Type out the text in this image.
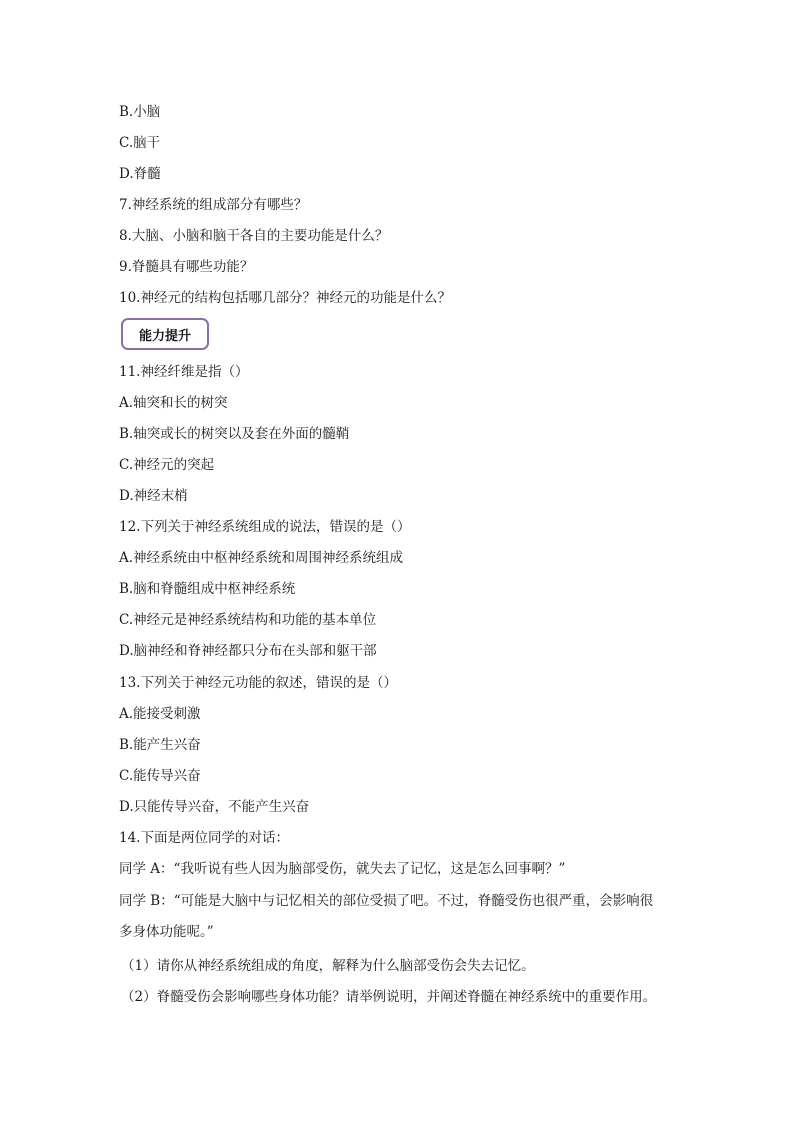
B.小脑
C.脑干
D.脊髓
7.神经系统的组成部分有哪些？
8.大脑、小脑和脑干各自的主要功能是什么？
9.脊髓具有哪些功能？
10.神经元的结构包括哪几部分？神经元的功能是什么？
能力提升
11.神经纤维是指（）
A.轴突和长的树突
B.轴突或长的树突以及套在外面的髓鞘
C.神经元的突起
D.神经末梢
12.下列关于神经系统组成的说法，错误的是（）
A.神经系统由中枢神经系统和周围神经系统组成
B.脑和脊髓组成中枢神经系统
C.神经元是神经系统结构和功能的基本单位
D.脑神经和脊神经都只分布在头部和躯干部
13.下列关于神经元功能的叙述，错误的是（）
A.能接受刺激
B.能产生兴奋
C.能传导兴奋
D.只能传导兴奋，不能产生兴奋
14.下面是两位同学的对话：
同学 A：“我听说有些人因为脑部受伤，就失去了记忆，这是怎么回事啊？”
同学 B：“可能是大脑中与记忆相关的部位受损了吧。不过，脊髓受伤也很严重，会影响很
多身体功能呢。”
（1）请你从神经系统组成的角度，解释为什么脑部受伤会失去记忆。
（2）脊髓受伤会影响哪些身体功能？请举例说明，并阐述脊髓在神经系统中的重要作用。
